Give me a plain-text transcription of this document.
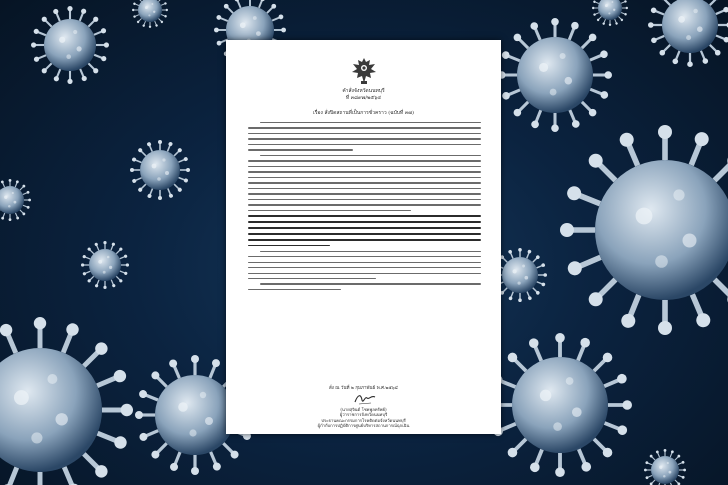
คำสั่งจังหวัดนนทบุรี
ที่ ๓๘๙๗/๒๕๖๔
เรื่อง สั่งปิดสถานที่เป็นการชั่วคราว (ฉบับที่ ๓๗)
สั่ง ณ วันที่ ๒ กุมภาพันธ์ พ.ศ.๒๕๖๔
(นายสุจินต์ โชคพูลทรัพย์)
ผู้ว่าราชการจังหวัดนนทบุรี
ประธานคณะกรรมการโรคติดต่อจังหวัดนนทบุรี
ผู้กำกับการปฏิบัติการศูนย์บริหารสถานการณ์ฉุกเฉิน
